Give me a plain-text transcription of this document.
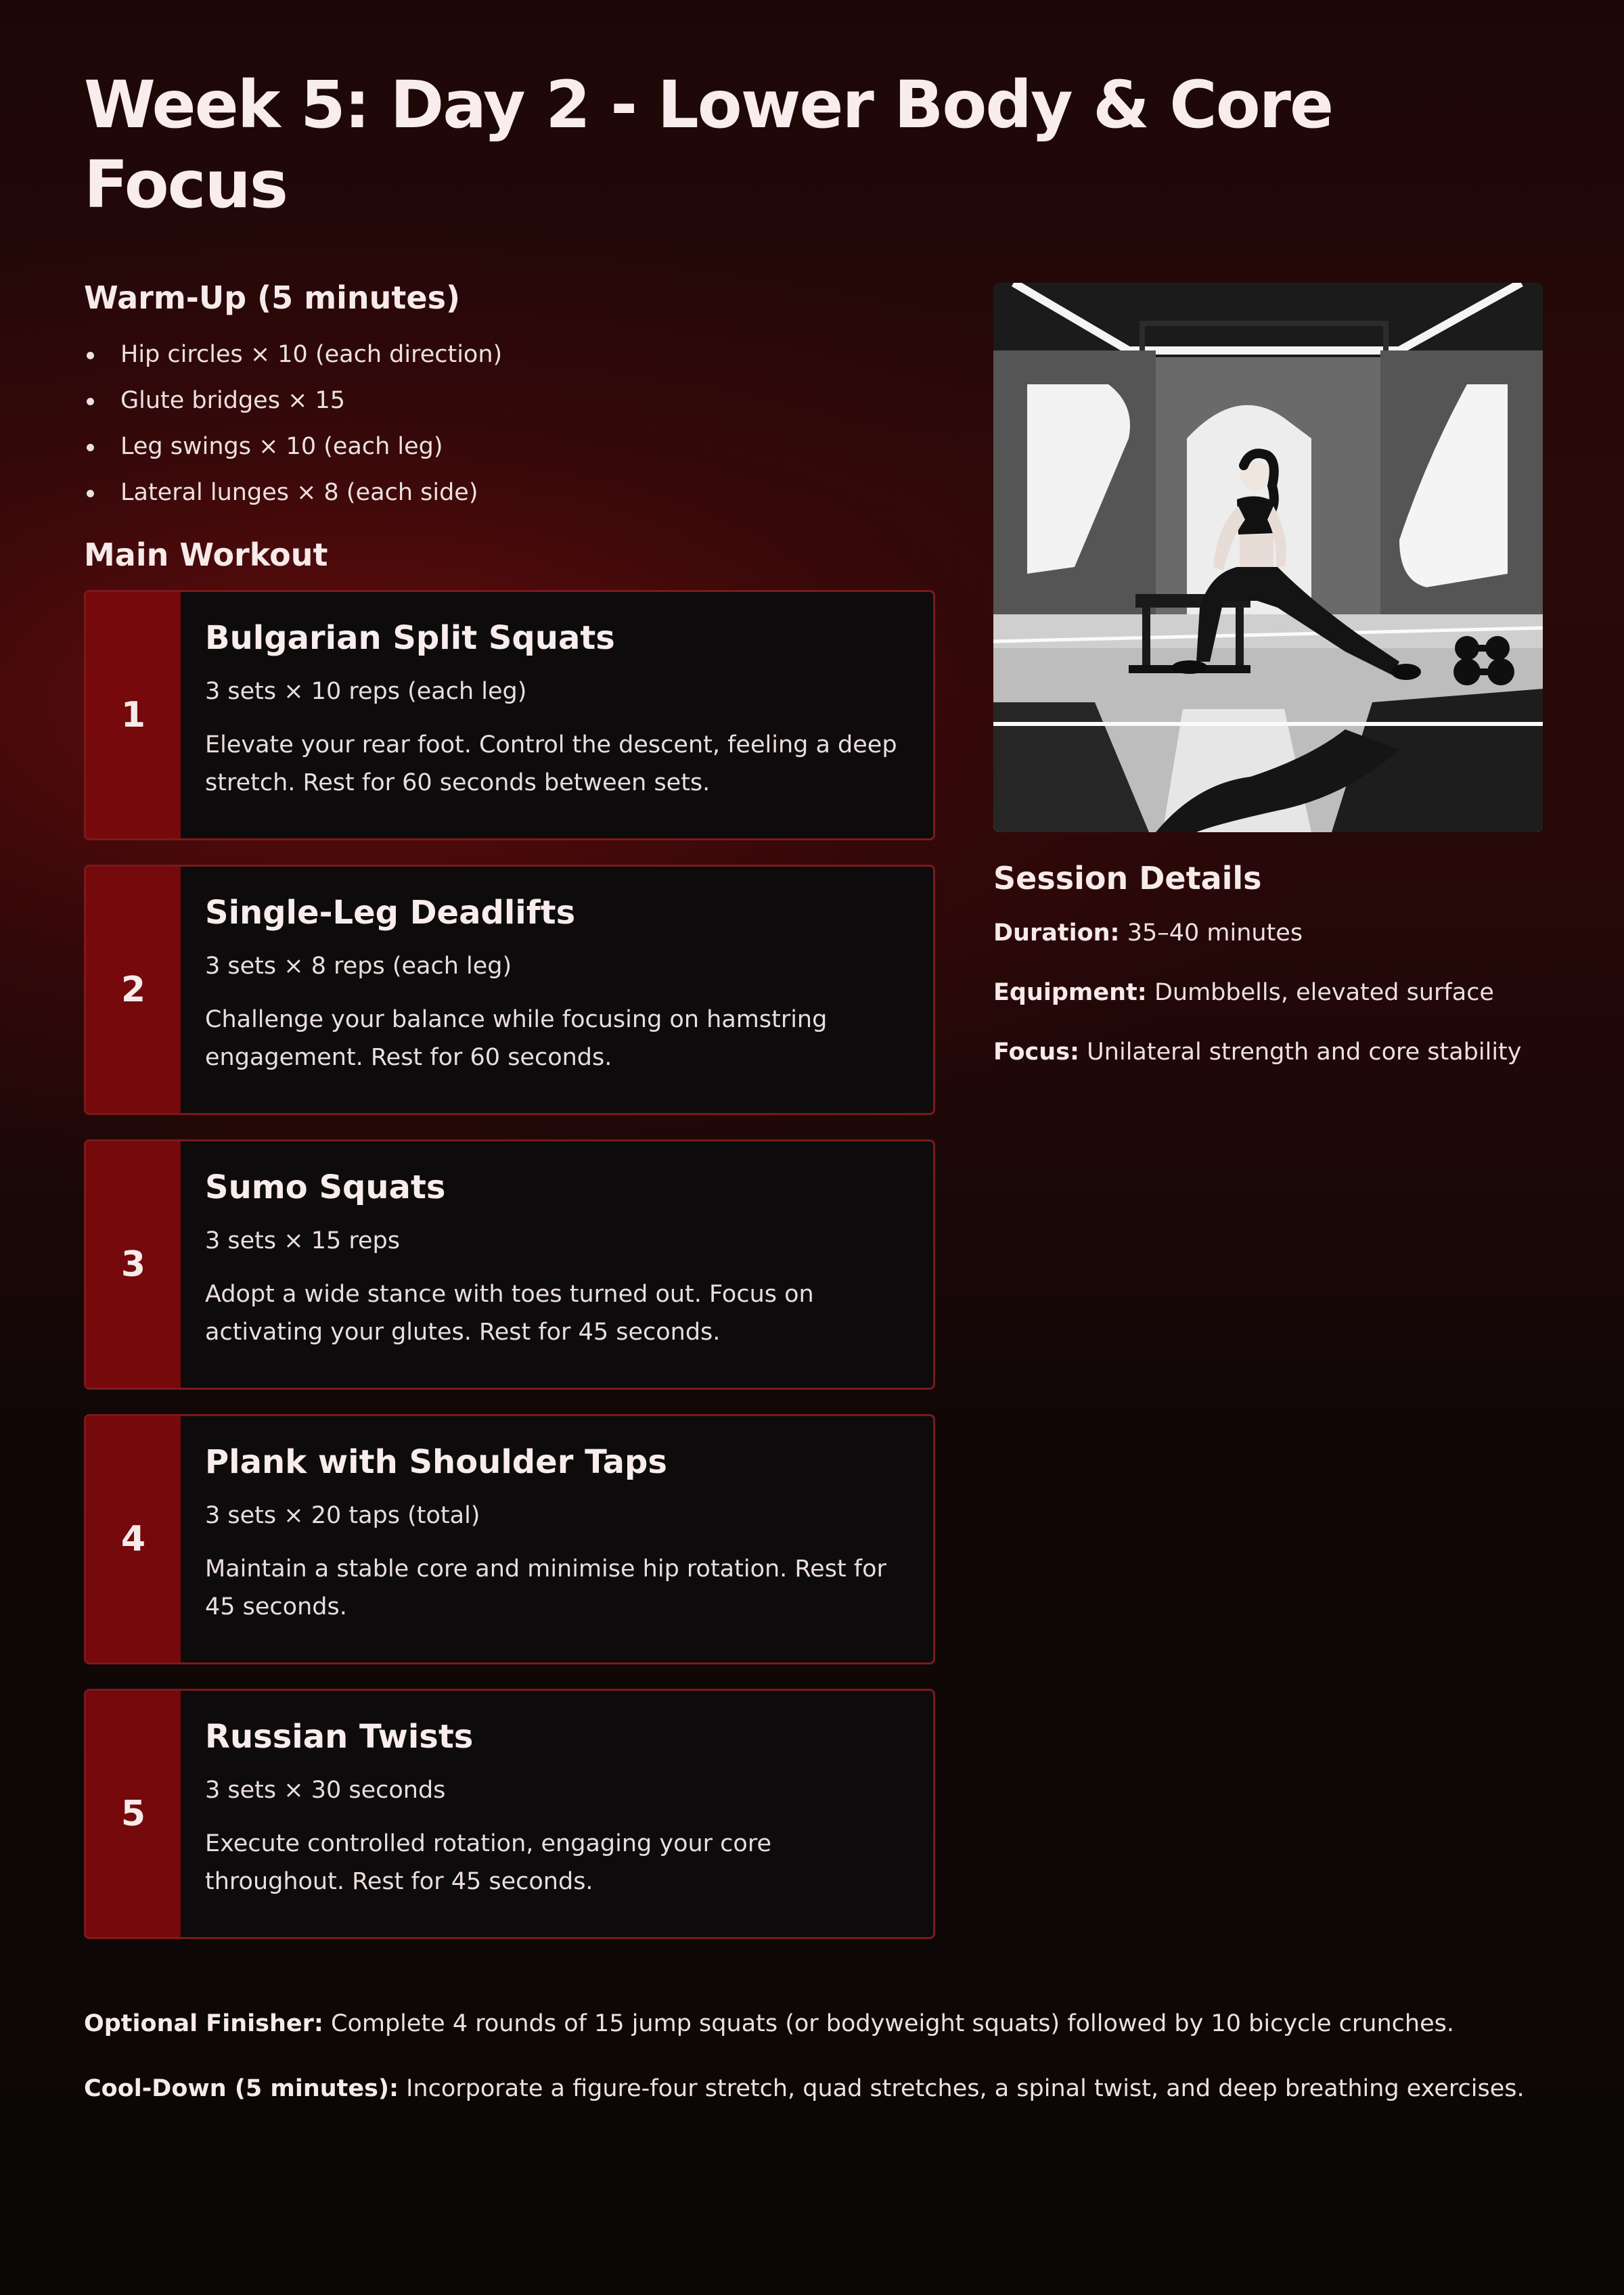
Week 5: Day 2 - Lower Body & Core Focus
Warm-Up (5 minutes)
Hip circles × 10 (each direction)
Glute bridges × 15
Leg swings × 10 (each leg)
Lateral lunges × 8 (each side)
Main Workout
1
Bulgarian Split Squats
3 sets × 10 reps (each leg)
Elevate your rear foot. Control the descent, feeling a deep stretch. Rest for 60 seconds between sets.
2
Single-Leg Deadlifts
3 sets × 8 reps (each leg)
Challenge your balance while focusing on hamstring engagement. Rest for 60 seconds.
3
Sumo Squats
3 sets × 15 reps
Adopt a wide stance with toes turned out. Focus on activating your glutes. Rest for 45 seconds.
4
Plank with Shoulder Taps
3 sets × 20 taps (total)
Maintain a stable core and minimise hip rotation. Rest for 45 seconds.
5
Russian Twists
3 sets × 30 seconds
Execute controlled rotation, engaging your core throughout. Rest for 45 seconds.
Session Details

Duration: 35–40 minutes

Equipment: Dumbbells, elevated surface

Focus: Unilateral strength and core stability

Optional Finisher: Complete 4 rounds of 15 jump squats (or bodyweight squats) followed by 10 bicycle crunches.

Cool-Down (5 minutes): Incorporate a figure-four stretch, quad stretches, a spinal twist, and deep breathing exercises.
